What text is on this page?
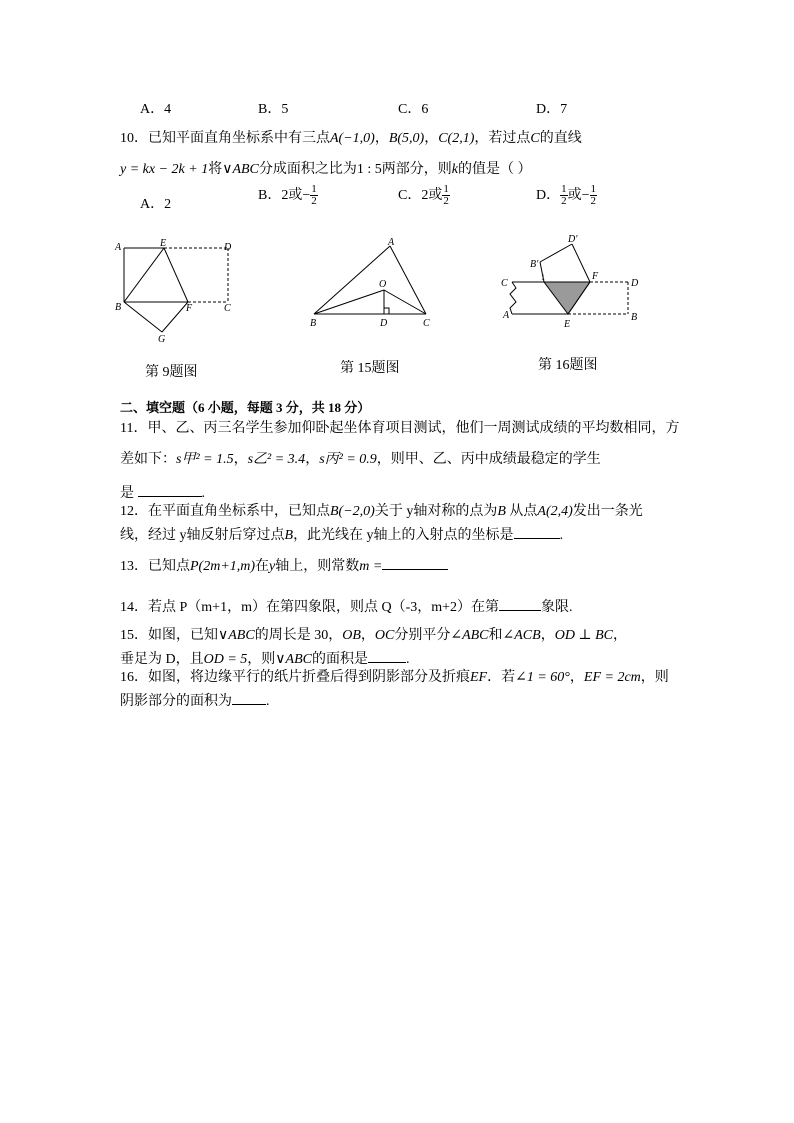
A．4	B．5	C．6	D．7
10．已知平面直角坐标系中有三点A(−1,0)，B(5,0)，C(2,1)，若过点C的直线
y = kx − 2k + 1将∨ABC分成面积之比为1 : 5两部分，则k的值是（ ）
A．2
B．2或− $\frac{1}{2}$	C．2或 $\frac{1}{2}$	D． $\frac{1}{2}$ 或− $\frac{1}{2}$
A	E	D
B	F	C
G
第 9题图
A
O
B	D	C
第 15题图
D′
B′
1
C
F
D
A
E
B
第 16题图
二、填空题（6 小题，每题 3 分，共 18 分）
11．甲、乙、丙三名学生参加仰卧起坐体育项目测试，他们一周测试成绩的平均数相同，方
差如下：s甲² = 1.5，s乙² = 3.4，s丙² = 0.9，则甲、乙、丙中成绩最稳定的学生
是	.
12．在平面直角坐标系中，已知点B(−2,0)关于 y轴对称的点为B 从点A(2,4)发出一条光
线，经过 y轴反射后穿过点B，此光线在 y轴上的入射点的坐标是	.
13．已知点P(2m+1,m)在y轴上，则常数m =
14．若点 P（m+1，m）在第四象限，则点 Q（-3，m+2）在第	象限.
15．如图，已知∨ABC的周长是 30，OB，OC分别平分∠ABC和∠ACB，OD ⊥ BC，
垂足为 D，且OD = 5，则∨ABC的面积是	.
16．如图，将边缘平行的纸片折叠后得到阴影部分及折痕EF．若∠1 = 60°，EF = 2cm，则
阴影部分的面积为 .
